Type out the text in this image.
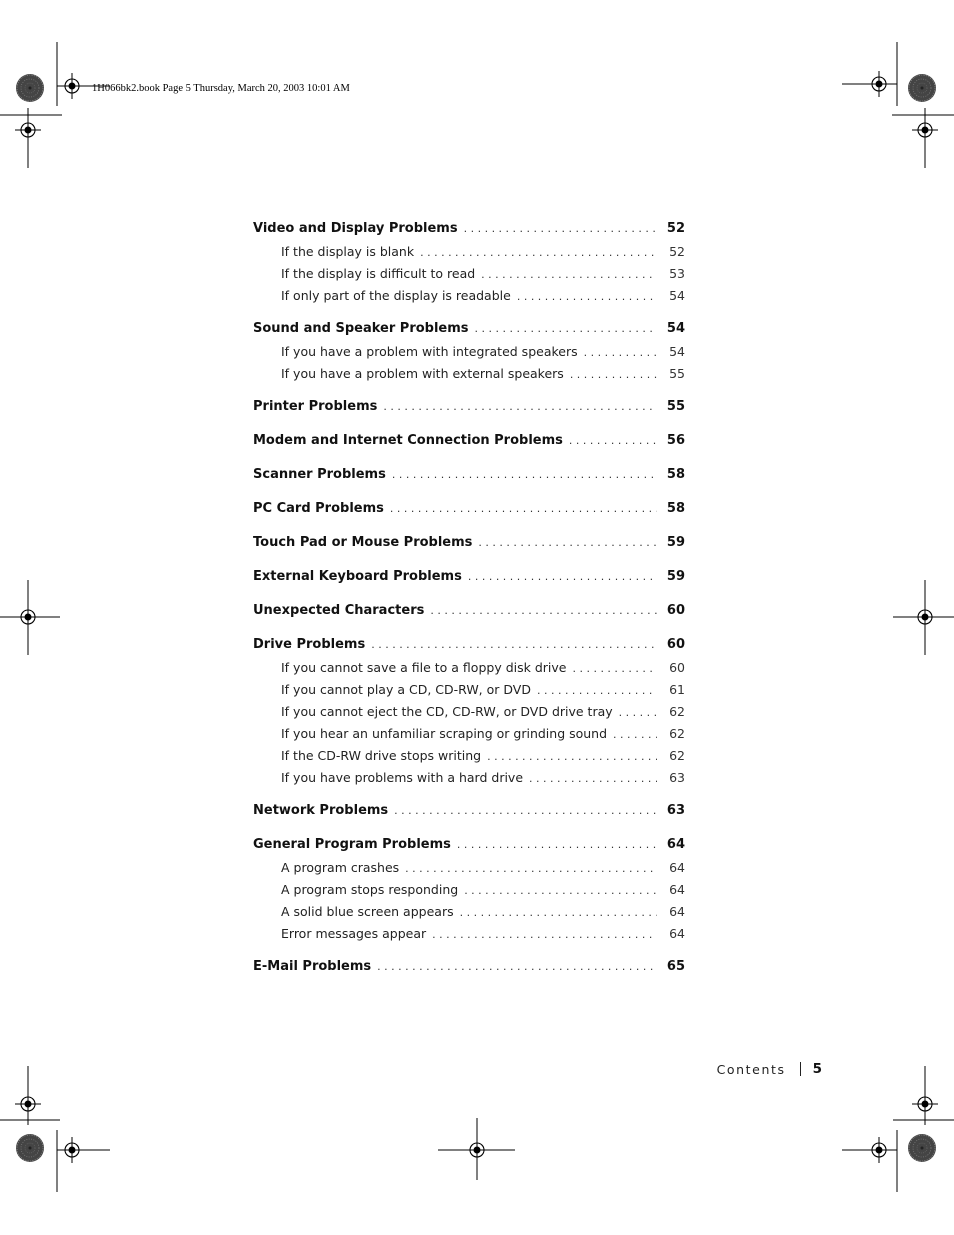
1H066bk2.book Page 5 Thursday, March 20, 2003 10:01 AM
Video and Display Problems . . .	52
If the display is blank . . .	52
If the display is difficult to read . . .	53
If only part of the display is readable . . .	54
Sound and Speaker Problems . . .	54
If you have a problem with integrated speakers . . .	54
If you have a problem with external speakers . . .	55
Printer Problems . . .	55
Modem and Internet Connection Problems . . .	56
Scanner Problems . . .	58
PC Card Problems . . .	58
Touch Pad or Mouse Problems . . .	59
External Keyboard Problems . . .	59
Unexpected Characters . . .	60
Drive Problems . . .	60
If you cannot save a file to a floppy disk drive . . .	60
If you cannot play a CD, CD-RW, or DVD . . .	61
If you cannot eject the CD, CD-RW, or DVD drive tray . . .	62
If you hear an unfamiliar scraping or grinding sound . . .	62
If the CD-RW drive stops writing . . .	62
If you have problems with a hard drive . . .	63
Network Problems . . .	63
General Program Problems . . .	64
A program crashes . . .	64
A program stops responding . . .	64
A solid blue screen appears . . .	64
Error messages appear . . .	64
E-Mail Problems . . .	65
Contents 5
